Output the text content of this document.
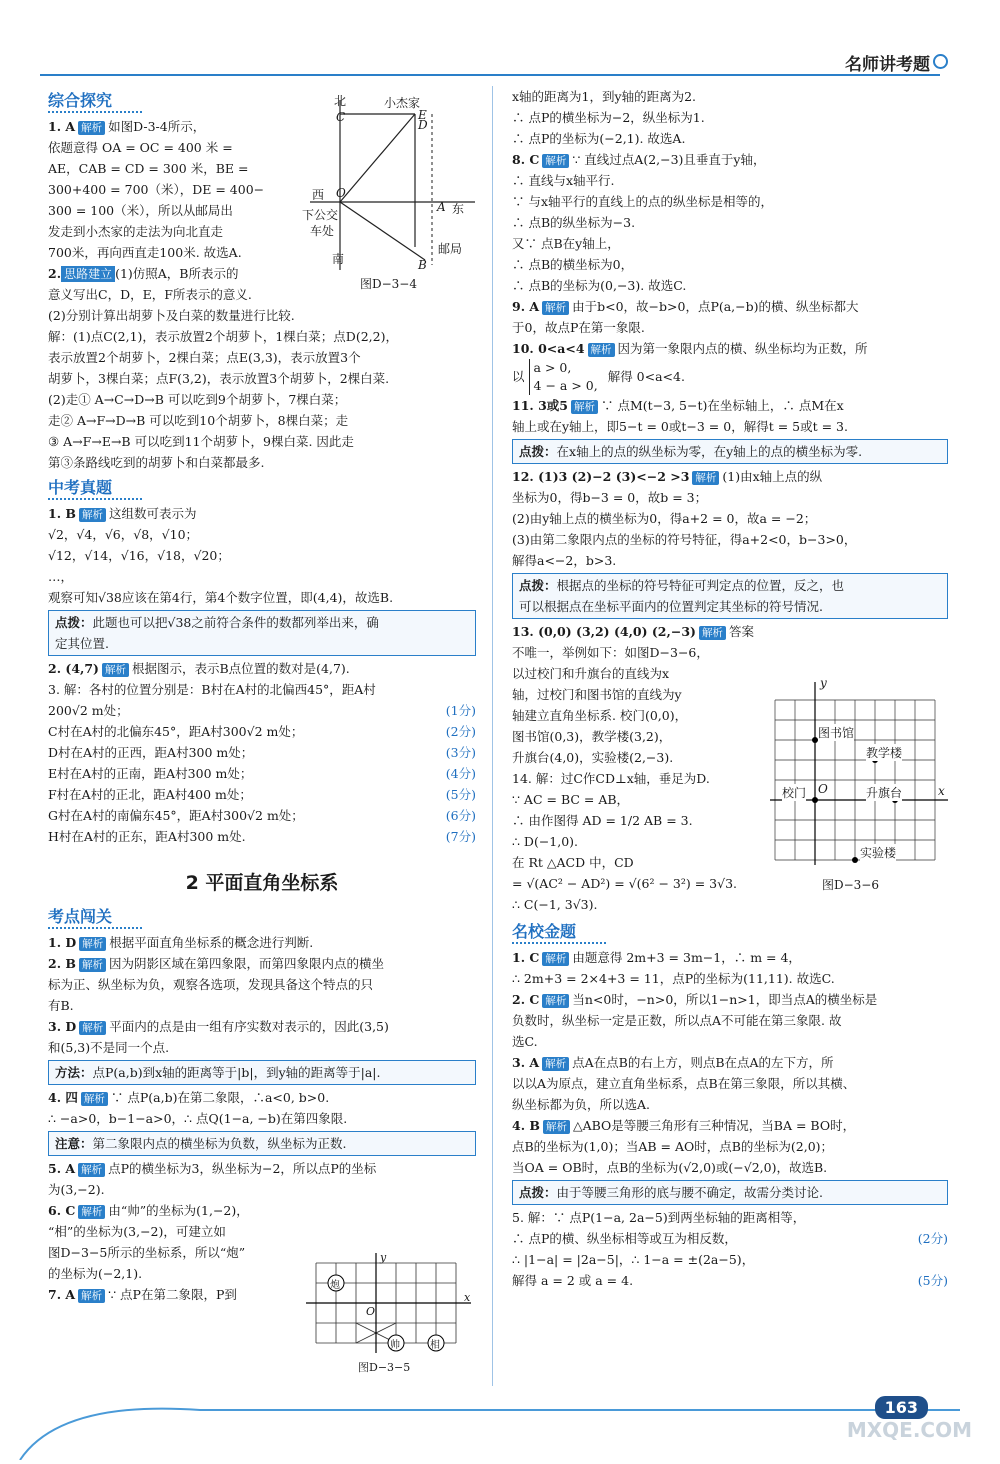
名师讲考题
综合探究

1. A 解析 如图D-3-4所示，

依题意得 OA = OC = 400 米 =

AE，CAB = CD = 300 米，BE =

300+400 = 700（米），DE = 400−

300 = 100（米），所以从邮局出

发走到小杰家的走法为向北直走

700米，再向西直走100米. 故选A.

2. 思路建立 (1)仿照A，B所表示的

意义写出C，D，E，F所表示的意义.

(2)分别计算出胡萝卜及白菜的数量进行比较.

解：(1)点C(2,1)，表示放置2个胡萝卜，1棵白菜；点D(2,2)，

表示放置2个胡萝卜，2棵白菜；点E(3,3)，表示放置3个

胡萝卜，3棵白菜；点F(3,2)，表示放置3个胡萝卜，2棵白菜.

(2)走① A→C→D→B 可以吃到9个胡萝卜，7棵白菜；

走② A→F→D→B 可以吃到10个胡萝卜，8棵白菜；走

③ A→F→E→B 可以吃到11个胡萝卜，9棵白菜. 因此走

第③条路线吃到的胡萝卜和白菜都最多.

中考真题

1. B 解析 这组数可表示为

√2，√4，√6，√8，√10；

√12，√14，√16，√18，√20；

…，

观察可知√38应该在第4行，第4个数字位置，即(4,4)，故选B.

点拨：此题也可以把√38之前符合条件的数都列举出来，确
定其位置.

2. (4,7) 解析 根据图示，表示B点位置的数对是(4,7).

3. 解：各村的位置分别是：B村在A村的北偏西45°，距A村

200√2 m处；	(1分)

C村在A村的北偏东45°，距A村300√2 m处；	(2分)

D村在A村的正西，距A村300 m处；	(3分)

E村在A村的正南，距A村300 m处；	(4分)

F村在A村的正北，距A村400 m处；	(5分)

G村在A村的南偏东45°，距A村300√2 m处；	(6分)

H村在A村的正东，距A村300 m处.	(7分)

2 平面直角坐标系
考点闯关

1. D 解析 根据平面直角坐标系的概念进行判断.

2. B 解析 因为阴影区域在第四象限，而第四象限内点的横坐

标为正、纵坐标为负，观察各选项，发现具备这个特点的只

有B.

3. D 解析 平面内的点是由一组有序实数对表示的，因此(3,5)

和(5,3)不是同一个点.

方法：点P(a,b)到x轴的距离等于|b|，到y轴的距离等于|a|.

4. 四 解析 ∵ 点P(a,b)在第二象限，∴a<0, b>0.

∴ −a>0，b−1−a>0，∴ 点Q(1−a, −b)在第四象限.

注意：第二象限内点的横坐标为负数，纵坐标为正数.

5. A 解析 点P的横坐标为3，纵坐标为−2，所以点P的坐标

为(3,−2).

6. C 解析 由“帅”的坐标为(1,−2)，

“相”的坐标为(3,−2)，可建立如

图D−3−5所示的坐标系，所以“炮”

的坐标为(−2,1).

7. A 解析 ∵ 点P在第二象限，P到

北	小杰家
C	E
D
西 O
下公交
车处
A 东
南	B
邮局
图D−3−4
y
x
炮
帅	相
O
图D−3−5

x轴的距离为1，到y轴的距离为2.

∴ 点P的横坐标为−2，纵坐标为1.

∴ 点P的坐标为(−2,1). 故选A.

8. C 解析 ∵ 直线过点A(2,−3)且垂直于y轴，

∴ 直线与x轴平行.

∵ 与x轴平行的直线上的点的纵坐标是相等的，

∴ 点B的纵坐标为−3.

又∵ 点B在y轴上，

∴ 点B的横坐标为0，

∴ 点B的坐标为(0,−3). 故选C.

9. A 解析 由于b<0，故−b>0，点P(a,−b)的横、纵坐标都大

于0，故点P在第一象限.

10. 0<a<4 解析 因为第一象限内点的横、纵坐标均为正数，所

以
a > 0,
4 − a > 0,
解得 0<a<4.

11. 3或5 解析 ∵ 点M(t−3, 5−t)在坐标轴上，∴ 点M在x

轴上或在y轴上，即5−t = 0或t−3 = 0，解得t = 5或t = 3.

点拨：在x轴上的点的纵坐标为零，在y轴上的点的横坐标为零.

12. (1)3 (2)−2 (3)<−2 >3 解析 (1)由x轴上点的纵

坐标为0，得b−3 = 0，故b = 3；

(2)由y轴上点的横坐标为0，得a+2 = 0，故a = −2；

(3)由第二象限内点的坐标的符号特征，得a+2<0，b−3>0，

解得a<−2，b>3.

点拨：根据点的坐标的符号特征可判定点的位置，反之，也
可以根据点在坐标平面内的位置判定其坐标的符号情况.

13. (0,0) (3,2) (4,0) (2,−3) 解析 答案

不唯一，举例如下：如图D−3−6，

以过校门和升旗台的直线为x

轴，过校门和图书馆的直线为y

轴建立直角坐标系. 校门(0,0)，

图书馆(0,3)，教学楼(3,2)，

升旗台(4,0)，实验楼(2,−3).

14. 解：过C作CD⊥x轴，垂足为D.

∵ AC = BC = AB，

∴ 由作图得 AD = 1/2 AB = 3.

∴ D(−1,0).

在 Rt △ACD 中，CD

= √(AC² − AD²) = √(6² − 3²) = 3√3.

∴ C(−1, 3√3).

名校金题

1. C 解析 由题意得 2m+3 = 3m−1，∴ m = 4，

∴ 2m+3 = 2×4+3 = 11，点P的坐标为(11,11). 故选C.

2. C 解析 当n<0时，−n>0，所以1−n>1，即当点A的横坐标是

负数时，纵坐标一定是正数，所以点A不可能在第三象限. 故

选C.

3. A 解析 点A在点B的右上方，则点B在点A的左下方，所

以以A为原点，建立直角坐标系，点B在第三象限，所以其横、

纵坐标都为负，所以选A.

4. B 解析 △ABO是等腰三角形有三种情况，当BA = BO时，

点B的坐标为(1,0)；当AB = AO时，点B的坐标为(2,0)；

当OA = OB时，点B的坐标为(√2,0)或(−√2,0)，故选B.

点拨：由于等腰三角形的底与腰不确定，故需分类讨论.

5. 解：∵ 点P(1−a, 2a−5)到两坐标轴的距离相等，

∴ 点P的横、纵坐标相等或互为相反数，	(2分)

∴ |1−a| = |2a−5|，∴ 1−a = ±(2a−5)，

解得 a = 2 或 a = 4.	(5分)

y
x
O
图书馆
教学楼
校门	升旗台
实验楼
图D−3−6
163
MXQE.COM
